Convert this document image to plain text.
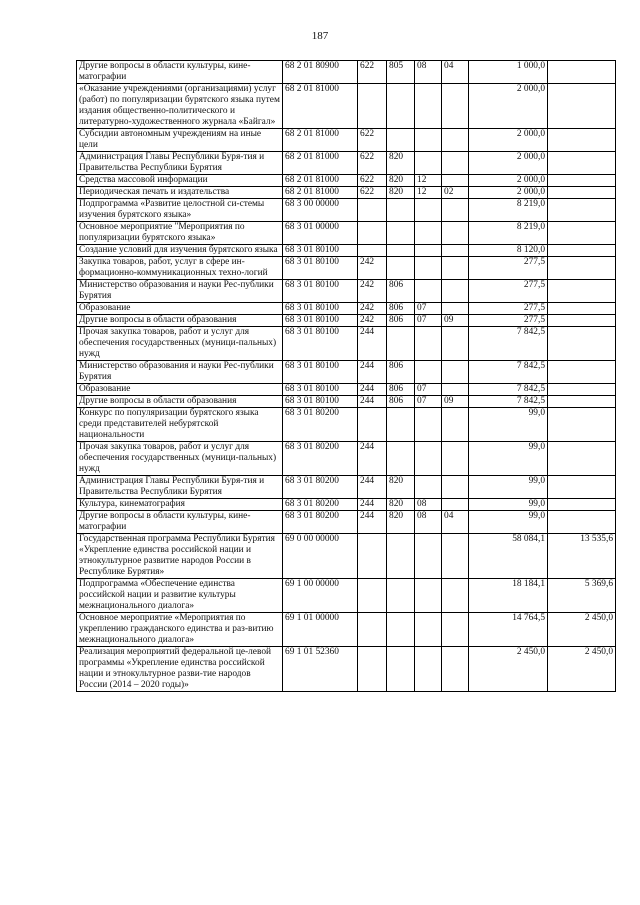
187
Другие вопросы в области культуры, кине-матографии	68 2 01 80900	622	805	08	04	1 000,0	
«Оказание учреждениями (организациями) услуг (работ) по популяризации бурятского языка путем издания общественно-политического и литературно-художественного журнала «Байгал»	68 2 01 81000					2 000,0	
Субсидии автономным учреждениям на иные цели	68 2 01 81000	622				2 000,0	
Администрация Главы Республики Буря-тия и Правительства Республики Бурятия	68 2 01 81000	622	820			2 000,0	
Средства массовой информации	68 2 01 81000	622	820	12		2 000,0	
Периодическая печать и издательства	68 2 01 81000	622	820	12	02	2 000,0	
Подпрограмма «Развитие целостной си-стемы изучения бурятского языка»	68 3 00 00000					8 219,0	
Основное мероприятие "Мероприятия по популяризации бурятского языка»	68 3 01 00000					8 219,0	
Создание условий для изучения бурятского языка	68 3 01 80100					8 120,0	
Закупка товаров, работ, услуг в сфере ин-формационно-коммуникационных техно-логий	68 3 01 80100	242				277,5	
Министерство образования и науки Рес-публики Бурятия	68 3 01 80100	242	806			277,5	
Образование	68 3 01 80100	242	806	07		277,5	
Другие вопросы в области образования	68 3 01 80100	242	806	07	09	277,5	
Прочая закупка товаров, работ и услуг для обеспечения государственных (муници-пальных) нужд	68 3 01 80100	244				7 842,5	
Министерство образования и науки Рес-публики Бурятия	68 3 01 80100	244	806			7 842,5	
Образование	68 3 01 80100	244	806	07		7 842,5	
Другие вопросы в области образования	68 3 01 80100	244	806	07	09	7 842,5	
Конкурс по популяризации бурятского языка среди представителей небурятской национальности	68 3 01 80200					99,0	
Прочая закупка товаров, работ и услуг для обеспечения государственных (муници-пальных) нужд	68 3 01 80200	244				99,0	
Администрация Главы Республики Буря-тия и Правительства Республики Бурятия	68 3 01 80200	244	820			99,0	
Культура, кинематография	68 3 01 80200	244	820	08		99,0	
Другие вопросы в области культуры, кине-матографии	68 3 01 80200	244	820	08	04	99,0	
Государственная программа Республики Бурятия «Укрепление единства российской нации и этнокультурное развитие народов России в Республике Бурятия»	69 0 00 00000					58 084,1	13 535,6
Подпрограмма «Обеспечение единства российской нации и развитие культуры межнационального диалога»	69 1 00 00000					18 184,1	5 369,6
Основное мероприятие «Мероприятия по укреплению гражданского единства и раз-витию межнационального диалога»	69 1 01 00000					14 764,5	2 450,0
Реализация мероприятий федеральной це-левой программы «Укрепление единства российской нации и этнокультурное разви-тие народов России (2014 – 2020 годы)»	69 1 01 52360					2 450,0	2 450,0
